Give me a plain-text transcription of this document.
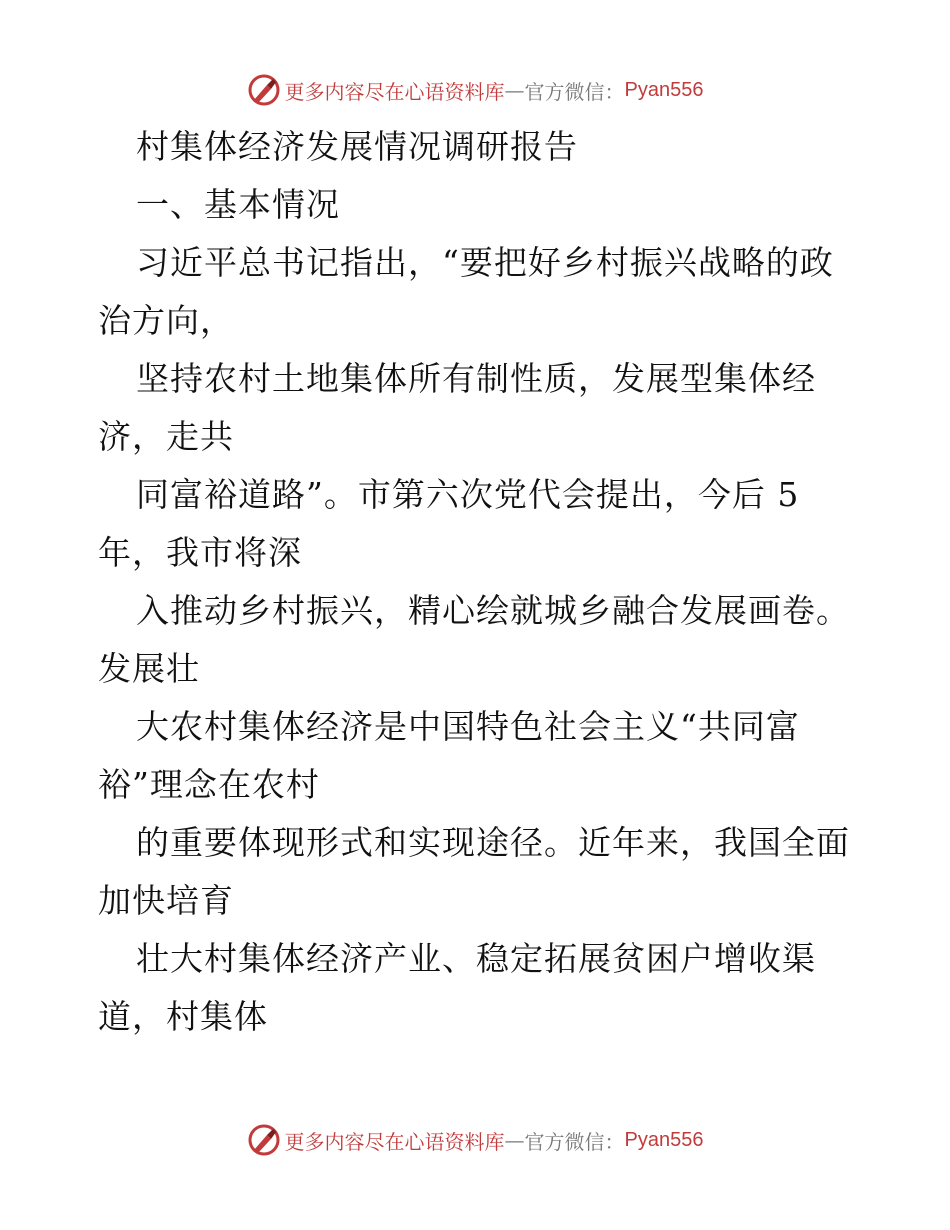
更多内容尽在心语资料库 — 官方微信： Pyan556
村集体经济发展情况调研报告
一、基本情况
习近平总书记指出，“要把好乡村振兴战略的政
治方向，
坚持农村土地集体所有制性质，发展型集体经
济，走共
同富裕道路”。市第六次党代会提出，今后 5
年，我市将深
入推动乡村振兴，精心绘就城乡融合发展画卷。
发展壮
大农村集体经济是中国特色社会主义“共同富
裕”理念在农村
的重要体现形式和实现途径。近年来，我国全面
加快培育
壮大村集体经济产业、稳定拓展贫困户增收渠
道，村集体
更多内容尽在心语资料库 — 官方微信： Pyan556
